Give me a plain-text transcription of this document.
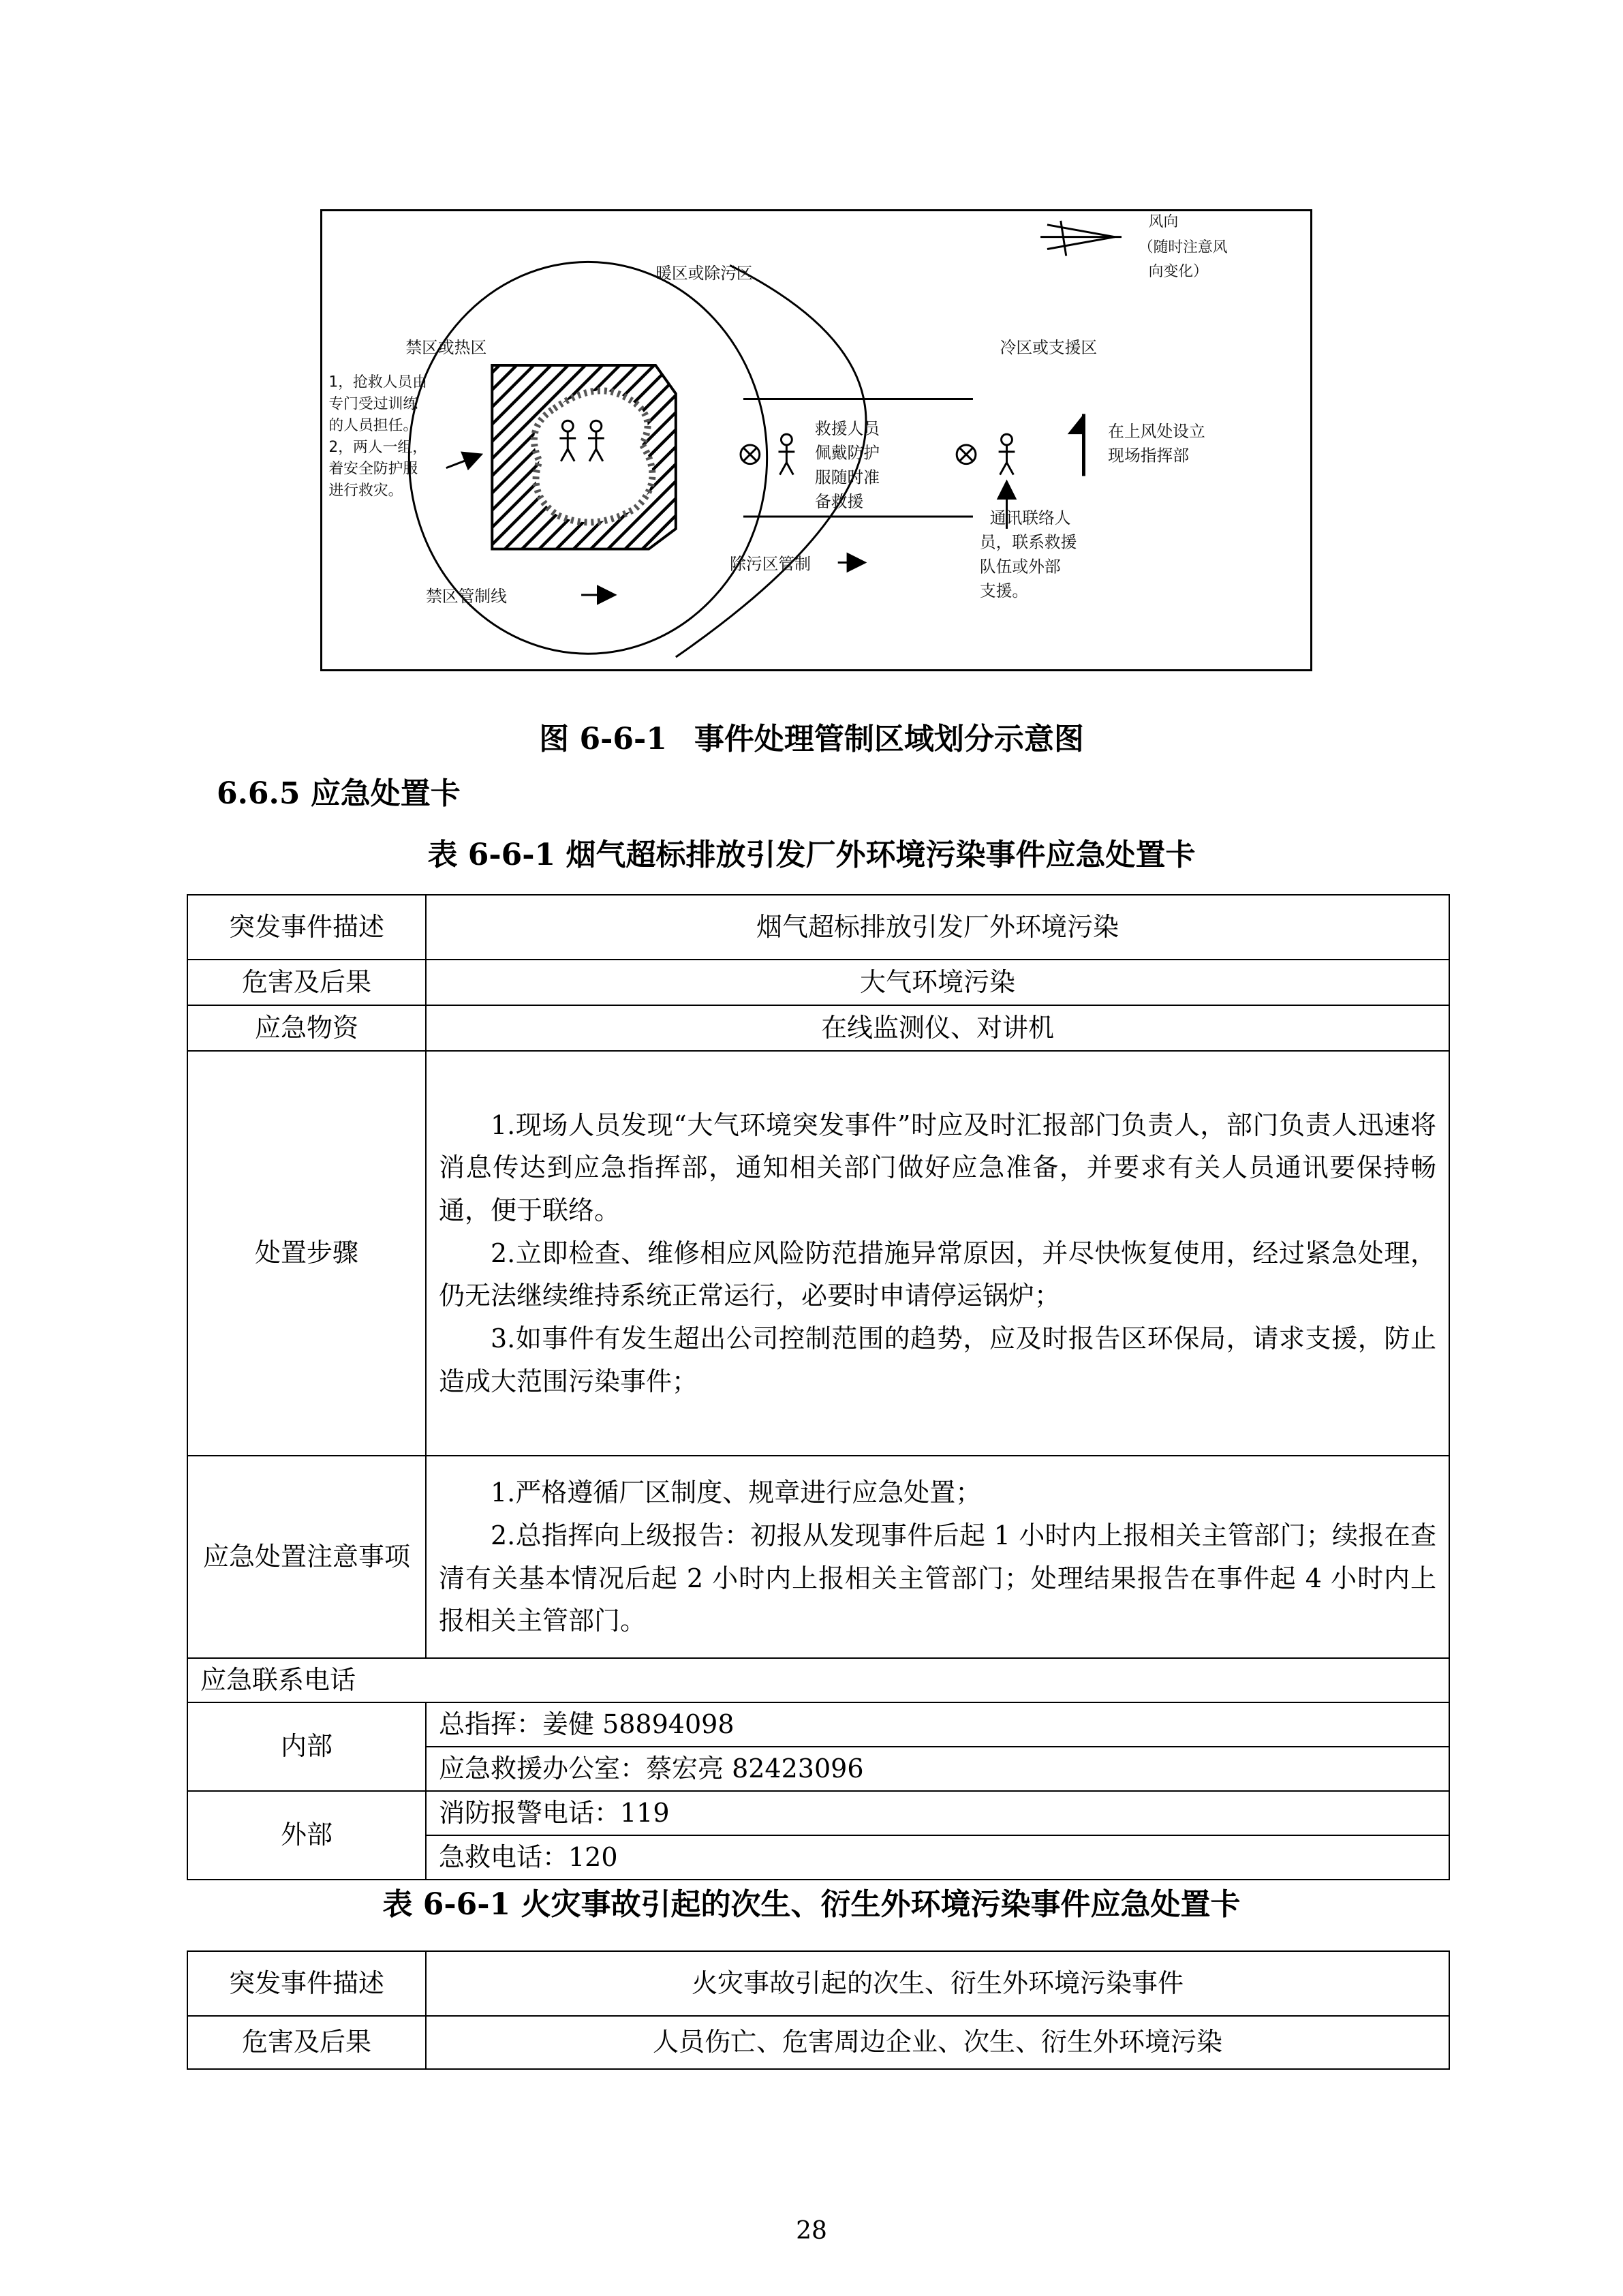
风向
（随时注意风
向变化）
暖区或除污区
禁区或热区	冷区或支援区
1，抢救人员由
专门受过训练
的人员担任。
2，两人一组，
着安全防护服
进行救灾。
救援人员
佩戴防护
服随时准
备救援
在上风处设立
现场指挥部
通讯联络人
员，联系救援
队伍或外部
支援。
除污区管制
禁区管制线
图 6-6-1 事件处理管制区域划分示意图
6.6.5 应急处置卡
表 6-6-1 烟气超标排放引发厂外环境污染事件应急处置卡
突发事件描述	烟气超标排放引发厂外环境污染
危害及后果	大气环境污染
应急物资	在线监测仪、对讲机
处置步骤	1.现场人员发现“大气环境突发事件”时应及时汇报部门负责人，部门负责人迅速将消息传达到应急指挥部，通知相关部门做好应急准备，并要求有关人员通讯要保持畅通，便于联络。

2.立即检查、维修相应风险防范措施异常原因，并尽快恢复使用，经过紧急处理，仍无法继续维持系统正常运行，必要时申请停运锅炉；

3.如事件有发生超出公司控制范围的趋势，应及时报告区环保局，请求支援，防止造成大范围污染事件；

应急处置注意事项	1.严格遵循厂区制度、规章进行应急处置；

2.总指挥向上级报告：初报从发现事件后起 1 小时内上报相关主管部门；续报在查清有关基本情况后起 2 小时内上报相关主管部门；处理结果报告在事件起 4 小时内上报相关主管部门。

应急联系电话	
内部	总指挥：姜健 58894098
	应急救援办公室：蔡宏亮 82423096
外部	消防报警电话：119
	急救电话：120
表 6-6-1 火灾事故引起的次生、衍生外环境污染事件应急处置卡
突发事件描述	火灾事故引起的次生、衍生外环境污染事件
危害及后果	人员伤亡、危害周边企业、次生、衍生外环境污染
28
